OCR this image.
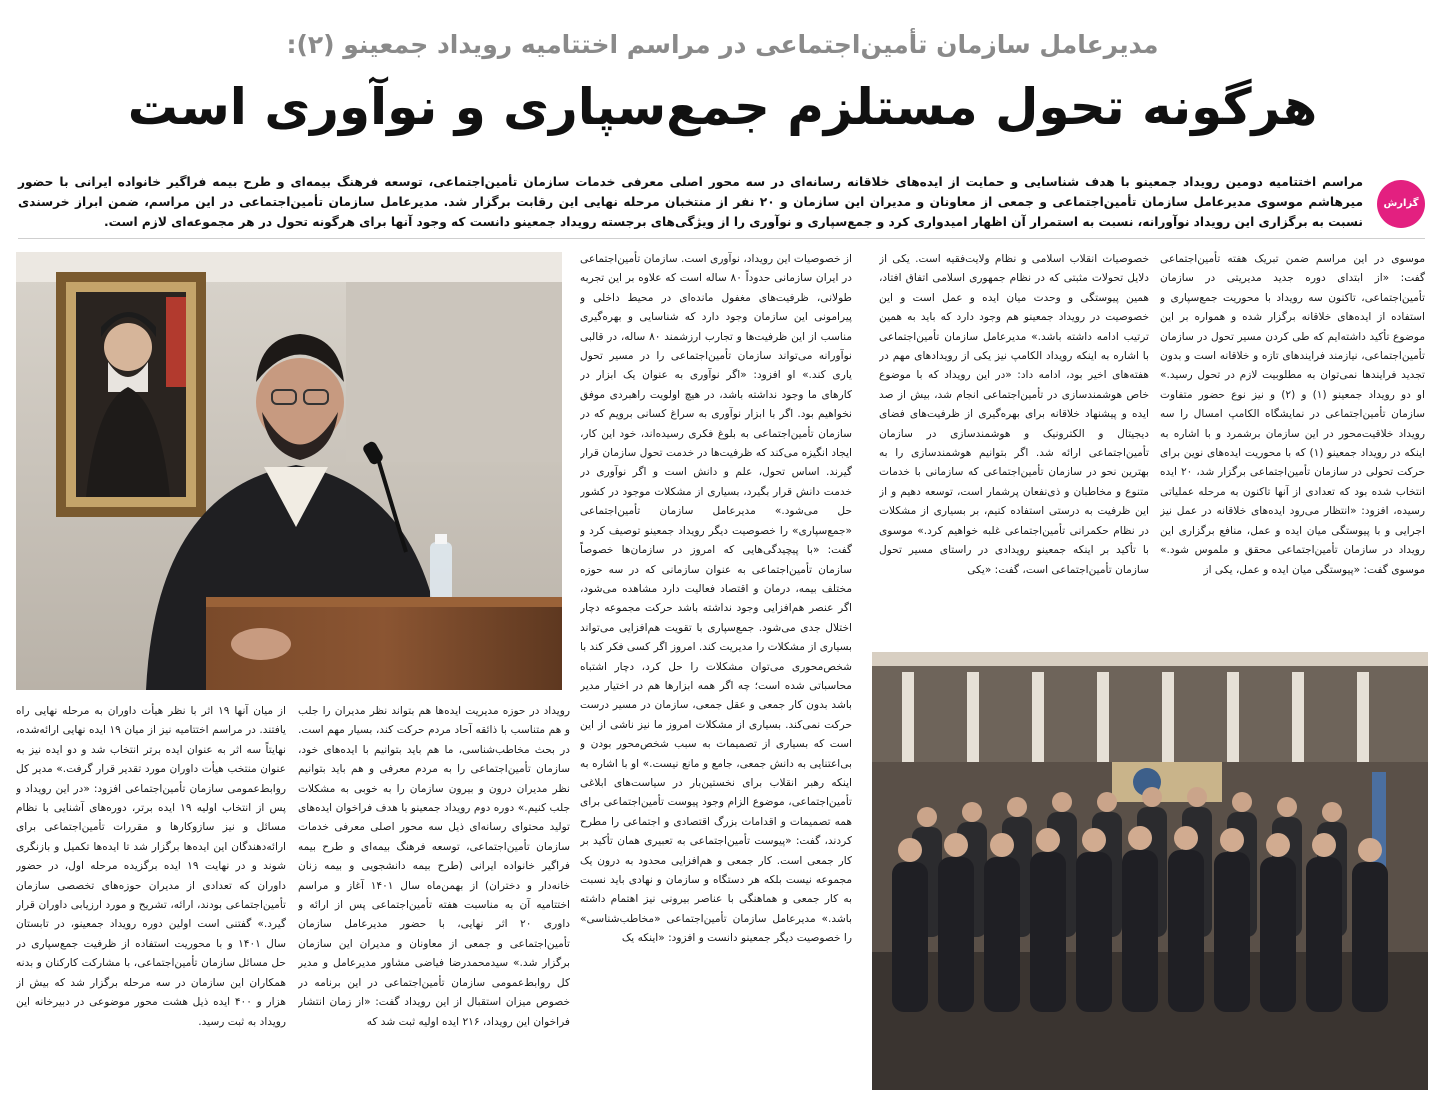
مدیرعامل سازمان تأمین‌اجتماعی در مراسم اختتامیه رویداد جمعینو (۲):
هرگونه تحول مستلزم جمع‌سپاری و نوآوری است
گزارش
مراسم اختتامیه دومین رویداد جمعینو با هدف شناسایی و حمایت از ایده‌های خلاقانه رسانه‌ای در سه محور اصلی معرفی خدمات سازمان تأمین‌اجتماعی، توسعه فرهنگ بیمه‌ای و طرح بیمه فراگیر خانواده ایرانی با حضور میرهاشم موسوی مدیرعامل سازمان تأمین‌اجتماعی و جمعی از معاونان و مدیران این سازمان و ۲۰ نفر از منتخبان مرحله نهایی این رقابت برگزار شد. مدیرعامل سازمان تأمین‌اجتماعی در این مراسم، ضمن ابراز خرسندی نسبت به برگزاری این رویداد نوآورانه، نسبت به استمرار آن اظهار امیدواری کرد و جمع‌سپاری و نوآوری را از ویژگی‌های برجسته رویداد جمعینو دانست که وجود آنها برای هرگونه تحول در هر مجموعه‌ای لازم است.

موسوی در این مراسم ضمن تبریک هفته تأمین‌اجتماعی گفت: «از ابتدای دوره جدید مدیریتی در سازمان تأمین‌اجتماعی، تاکنون سه رویداد با محوریت جمع‌سپاری و استفاده از ایده‌های خلاقانه برگزار شده و همواره بر این موضوع تأکید داشته‌ایم که طی کردن مسیر تحول در سازمان تأمین‌اجتماعی، نیازمند فرایندهای تازه و خلاقانه است و بدون تجدید فرایندها نمی‌توان به مطلوبیت لازم در تحول رسید.» او دو رویداد جمعینو (۱) و (۲) و نیز نوع حضور متفاوت سازمان تأمین‌اجتماعی در نمایشگاه الکامپ امسال را سه رویداد خلاقیت‌محور در این سازمان برشمرد و با اشاره به اینکه در رویداد جمعینو (۱) که با محوریت ایده‌های نوین برای حرکت تحولی در سازمان تأمین‌اجتماعی برگزار شد، ۲۰ ایده انتخاب شده بود که تعدادی از آنها تاکنون به مرحله عملیاتی رسیده، افزود: «انتظار می‌رود ایده‌های خلاقانه در عمل نیز اجرایی و با پیوستگی میان ایده و عمل، منافع برگزاری این رویداد در سازمان تأمین‌اجتماعی محقق و ملموس شود.» موسوی گفت: «پیوستگی میان ایده و عمل، یکی از

خصوصیات انقلاب اسلامی و نظام ولایت‌فقیه است. یکی از دلایل تحولات مثبتی که در نظام جمهوری اسلامی اتفاق افتاد، همین پیوستگی و وحدت میان ایده و عمل است و این خصوصیت در رویداد جمعینو هم وجود دارد که باید به همین ترتیب ادامه داشته باشد.» مدیرعامل سازمان تأمین‌اجتماعی با اشاره به اینکه رویداد الکامپ نیز یکی از رویدادهای مهم در هفته‌های اخیر بود، ادامه داد: «در این رویداد که با موضوع خاص هوشمندسازی در تأمین‌اجتماعی انجام شد، بیش از صد ایده و پیشنهاد خلاقانه برای بهره‌گیری از ظرفیت‌های فضای دیجیتال و الکترونیک و هوشمندسازی در سازمان تأمین‌اجتماعی ارائه شد. اگر بتوانیم هوشمندسازی را به بهترین نحو در سازمان تأمین‌اجتماعی که سازمانی با خدمات متنوع و مخاطبان و ذی‌نفعان پرشمار است، توسعه دهیم و از این ظرفیت به درستی استفاده کنیم، بر بسیاری از مشکلات در نظام حکمرانی تأمین‌اجتماعی غلبه خواهیم کرد.» موسوی با تأکید بر اینکه جمعینو رویدادی در راستای مسیر تحول سازمان تأمین‌اجتماعی است، گفت: «یکی

از خصوصیات این رویداد، نوآوری است. سازمان تأمین‌اجتماعی در ایران سازمانی حدوداً ۸۰ ساله است که علاوه بر این تجربه طولانی، ظرفیت‌های مغفول مانده‌ای در محیط داخلی و پیرامونی این سازمان وجود دارد که شناسایی و بهره‌گیری مناسب از این ظرفیت‌ها و تجارب ارزشمند ۸۰ ساله، در قالبی نوآورانه می‌تواند سازمان تأمین‌اجتماعی را در مسیر تحول یاری کند.» او افزود: «اگر نوآوری به عنوان یک ابزار در کارهای ما وجود نداشته باشد، در هیچ اولویت راهبردی موفق نخواهیم بود. اگر با ابزار نوآوری به سراغ کسانی برویم که در سازمان تأمین‌اجتماعی به بلوغ فکری رسیده‌اند، خود این کار، ایجاد انگیزه می‌کند که ظرفیت‌ها در خدمت تحول سازمان قرار گیرند. اساس تحول، علم و دانش است و اگر نوآوری در خدمت دانش قرار بگیرد، بسیاری از مشکلات موجود در کشور حل می‌شود.» مدیرعامل سازمان تأمین‌اجتماعی «جمع‌سپاری» را خصوصیت دیگر رویداد جمعینو توصیف کرد و گفت: «با پیچیدگی‌هایی که امروز در سازمان‌ها خصوصاً سازمان تأمین‌اجتماعی به عنوان سازمانی که در سه حوزه مختلف بیمه، درمان و اقتصاد فعالیت دارد مشاهده می‌شود، اگر عنصر هم‌افزایی وجود نداشته باشد حرکت مجموعه دچار اختلال جدی می‌شود. جمع‌سپاری با تقویت هم‌افزایی می‌تواند بسیاری از مشکلات را مدیریت کند. امروز اگر کسی فکر کند با شخص‌محوری می‌توان مشکلات را حل کرد، دچار اشتباه محاسباتی شده است؛ چه اگر همه ابزارها هم در اختیار مدیر باشد بدون کار جمعی و عقل جمعی، سازمان در مسیر درست حرکت نمی‌کند. بسیاری از مشکلات امروز ما نیز ناشی از این است که بسیاری از تصمیمات به سبب شخص‌محور بودن و بی‌اعتنایی به دانش جمعی، جامع و مانع نیست.» او با اشاره به اینکه رهبر انقلاب برای نخستین‌بار در سیاست‌های ابلاغی تأمین‌اجتماعی، موضوع الزام وجود پیوست تأمین‌اجتماعی برای همه تصمیمات و اقدامات بزرگ اقتصادی و اجتماعی را مطرح کردند، گفت: «پیوست تأمین‌اجتماعی به تعبیری همان تأکید بر کار جمعی است. کار جمعی و هم‌افزایی محدود به درون یک مجموعه نیست بلکه هر دستگاه و سازمان و نهادی باید نسبت به کار جمعی و هماهنگی با عناصر بیرونی نیز اهتمام داشته باشد.» مدیرعامل سازمان تأمین‌اجتماعی «مخاطب‌شناسی» را خصوصیت دیگر جمعینو دانست و افزود: «اینکه یک

رویداد در حوزه مدیریت ایده‌ها هم بتواند نظر مدیران را جلب و هم متناسب با ذائقه آحاد مردم حرکت کند، بسیار مهم است. در بحث مخاطب‌شناسی، ما هم باید بتوانیم با ایده‌های خود، سازمان تأمین‌اجتماعی را به مردم معرفی و هم باید بتوانیم نظر مدیران درون و بیرون سازمان را به خوبی به مشکلات جلب کنیم.» دوره دوم رویداد جمعینو با هدف فراخوان ایده‌های تولید محتوای رسانه‌ای ذیل سه محور اصلی معرفی خدمات سازمان تأمین‌اجتماعی، توسعه فرهنگ بیمه‌ای و طرح بیمه فراگیر خانواده ایرانی (طرح بیمه دانشجویی و بیمه زنان خانه‌دار و دختران) از بهمن‌ماه سال ۱۴۰۱ آغاز و مراسم اختتامیه آن به مناسبت هفته تأمین‌اجتماعی پس از ارائه و داوری ۲۰ اثر نهایی، با حضور مدیرعامل سازمان تأمین‌اجتماعی و جمعی از معاونان و مدیران این سازمان برگزار شد.» سیدمحمدرضا فیاضی مشاور مدیرعامل و مدیر کل روابط‌عمومی سازمان تأمین‌اجتماعی در این برنامه در خصوص میزان استقبال از این رویداد گفت: «از زمان انتشار فراخوان این رویداد، ۲۱۶ ایده اولیه ثبت شد که

از میان آنها ۱۹ اثر با نظر هیأت داوران به مرحله نهایی راه یافتند. در مراسم اختتامیه نیز از میان ۱۹ ایده نهایی ارائه‌شده، نهایتاً سه اثر به عنوان ایده برتر انتخاب شد و دو ایده نیز به عنوان منتخب هیأت داوران مورد تقدیر قرار گرفت.» مدیر کل روابط‌عمومی سازمان تأمین‌اجتماعی افزود: «در این رویداد و پس از انتخاب اولیه ۱۹ ایده برتر، دوره‌های آشنایی با نظام مسائل و نیز سازوکارها و مقررات تأمین‌اجتماعی برای ارائه‌دهندگان این ایده‌ها برگزار شد تا ایده‌ها تکمیل و بازنگری شوند و در نهایت ۱۹ ایده برگزیده مرحله اول، در حضور داوران که تعدادی از مدیران حوزه‌های تخصصی سازمان تأمین‌اجتماعی بودند، ارائه، تشریح و مورد ارزیابی داوران قرار گیرد.» گفتنی است اولین دوره رویداد جمعینو، در تابستان سال ۱۴۰۱ و با محوریت استفاده از ظرفیت جمع‌سپاری در حل مسائل سازمان تأمین‌اجتماعی، با مشارکت کارکنان و بدنه همکاران این سازمان در سه مرحله برگزار شد که بیش از هزار و ۴۰۰ ایده ذیل هشت محور موضوعی در دبیرخانه این رویداد به ثبت رسید.
